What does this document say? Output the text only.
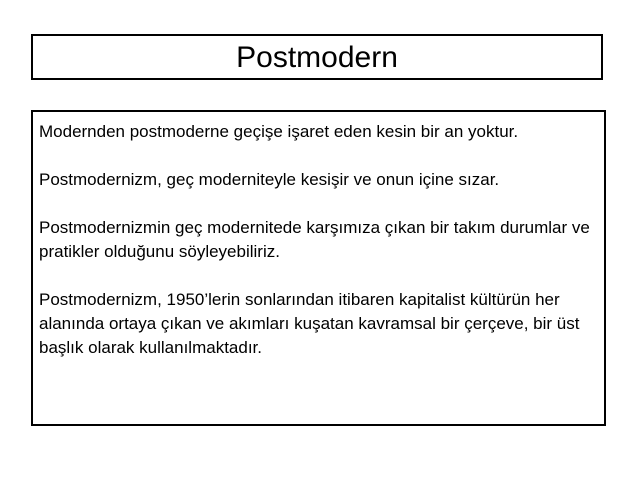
Postmodern

Modernden postmoderne geçişe işaret eden kesin bir an yoktur.

Postmodernizm, geç moderniteyle kesişir ve onun içine sızar.

Postmodernizmin geç modernitede karşımıza çıkan bir takım durumlar ve pratikler olduğunu söyleyebiliriz.

Postmodernizm, 1950’lerin sonlarından itibaren kapitalist kültürün her alanında ortaya çıkan ve akımları kuşatan kavramsal bir çerçeve, bir üst başlık olarak kullanılmaktadır.
